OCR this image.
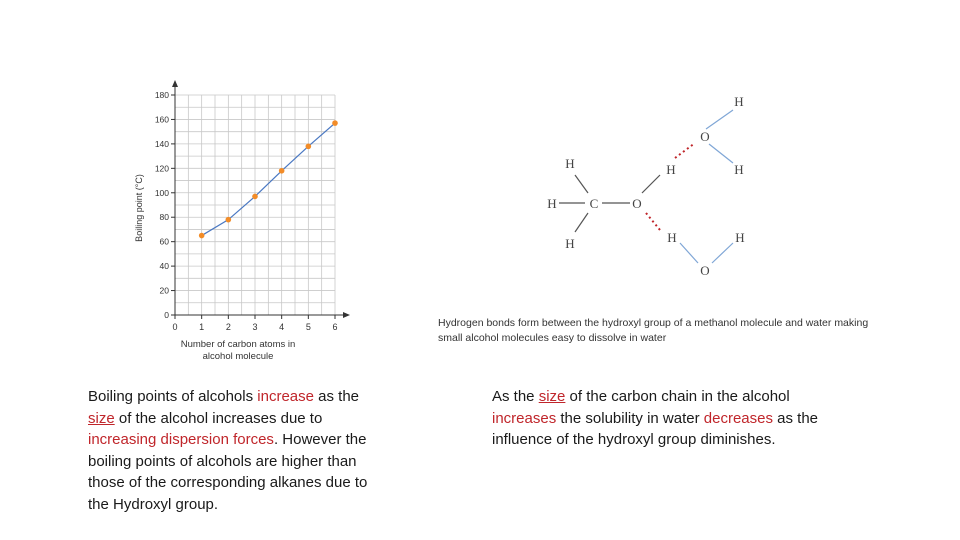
0
20
40
60
80
100
120
140
160
180
0 1 2 3 4 5 6
Boiling point (°C)
Number of carbon atoms in
alcohol molecule
H
H	C	O
H
H
O
H
H
H	H
O
Hydrogen bonds form between the hydroxyl group of a methanol molecule and water making small alcohol molecules easy to dissolve in water
Boiling points of alcohols increase as the size of the alcohol increases due to increasing dispersion forces. However the boiling points of alcohols are higher than those of the corresponding alkanes due to the Hydroxyl group.
As the size of the carbon chain in the alcohol increases the solubility in water decreases as the influence of the hydroxyl group diminishes.
